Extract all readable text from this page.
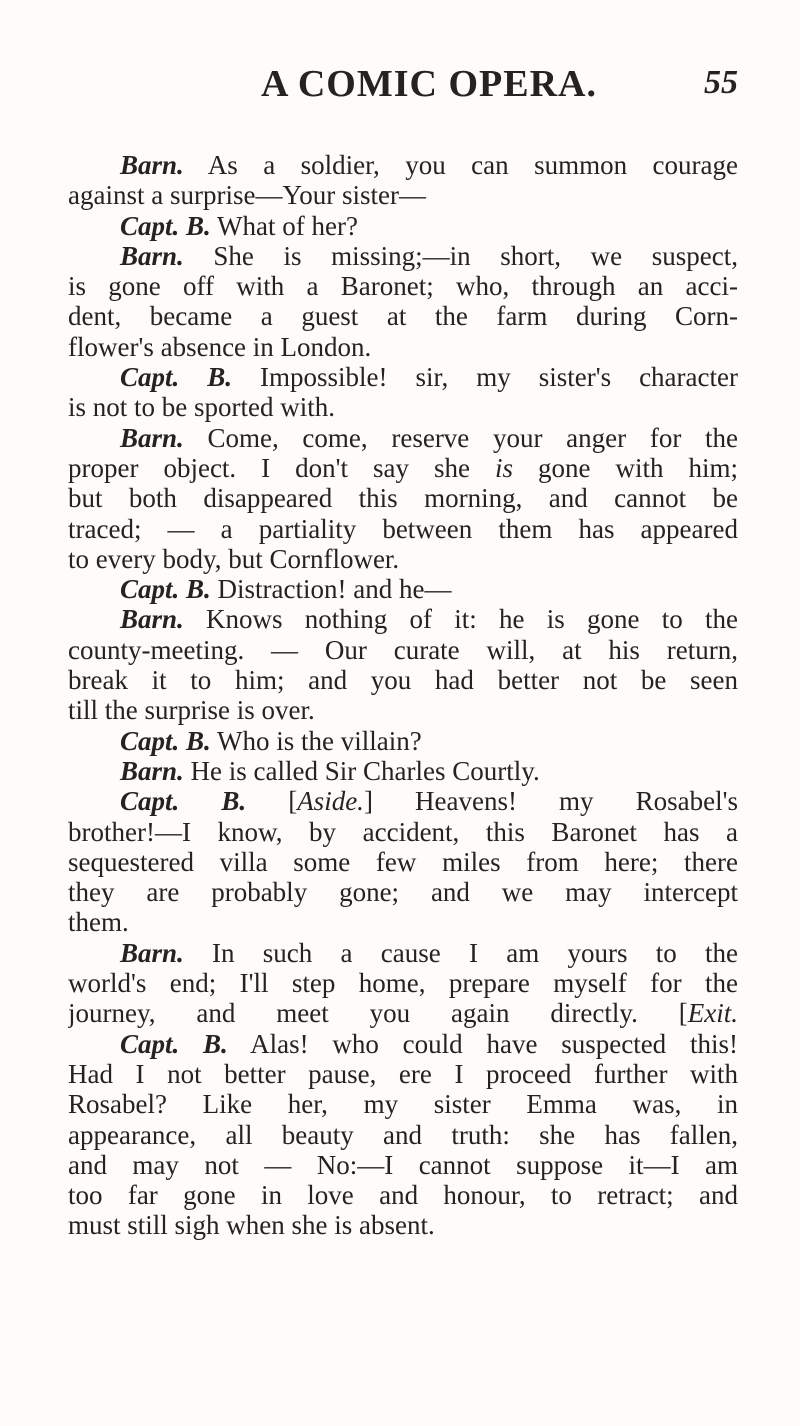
A COMIC OPERA.	55
Barn. As a soldier, you can summon courage
against a surprise—Your sister—
Capt. B. What of her?
Barn. She is missing;—in short, we suspect,
is gone off with a Baronet; who, through an acci-
dent, became a guest at the farm during Corn-
flower's absence in London.
Capt. B. Impossible! sir, my sister's character
is not to be sported with.
Barn. Come, come, reserve your anger for the
proper object. I don't say she is gone with him;
but both disappeared this morning, and cannot be
traced; — a partiality between them has appeared
to every body, but Cornflower.
Capt. B. Distraction! and he—
Barn. Knows nothing of it: he is gone to the
county-meeting. — Our curate will, at his return,
break it to him; and you had better not be seen
till the surprise is over.
Capt. B. Who is the villain?
Barn. He is called Sir Charles Courtly.
Capt. B. [Aside.] Heavens! my Rosabel's
brother!—I know, by accident, this Baronet has a
sequestered villa some few miles from here; there
they are probably gone; and we may intercept
them.
Barn. In such a cause I am yours to the
world's end; I'll step home, prepare myself for the
journey, and meet you again directly. [Exit.
Capt. B. Alas! who could have suspected this!
Had I not better pause, ere I proceed further with
Rosabel? Like her, my sister Emma was, in
appearance, all beauty and truth: she has fallen,
and may not — No:—I cannot suppose it—I am
too far gone in love and honour, to retract; and
must still sigh when she is absent.
